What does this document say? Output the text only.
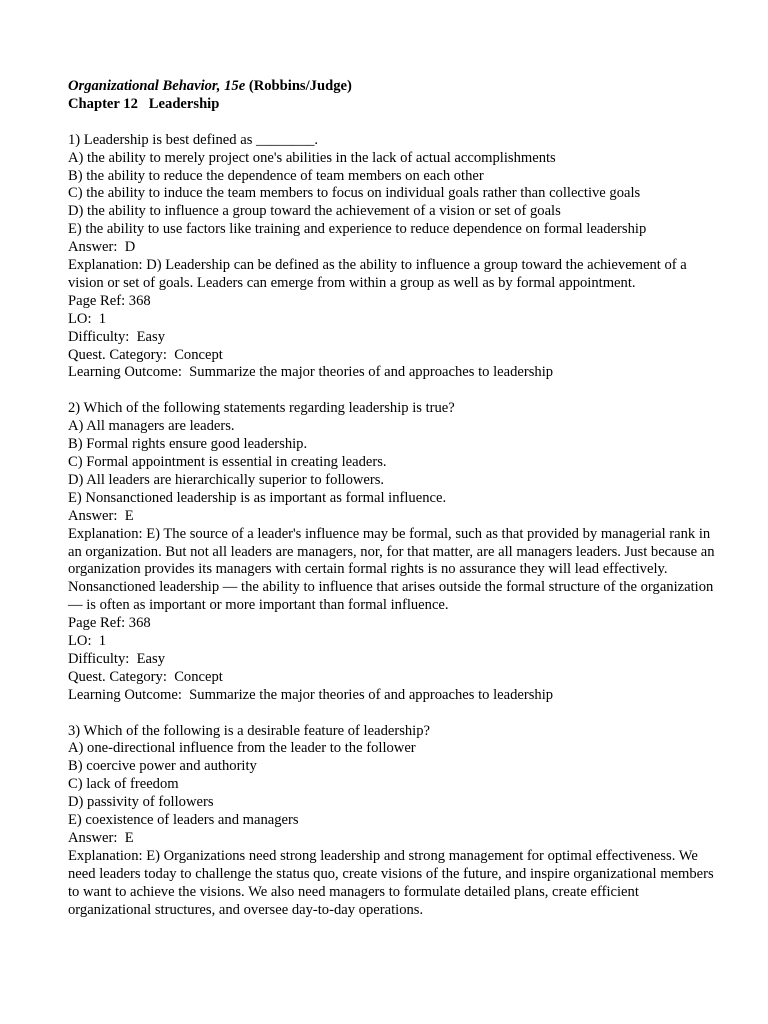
Organizational Behavior, 15e (Robbins/Judge)
Chapter 12   Leadership
1) Leadership is best defined as ________.
A) the ability to merely project one's abilities in the lack of actual accomplishments
B) the ability to reduce the dependence of team members on each other
C) the ability to induce the team members to focus on individual goals rather than collective goals
D) the ability to influence a group toward the achievement of a vision or set of goals
E) the ability to use factors like training and experience to reduce dependence on formal leadership
Answer:  D
Explanation: D) Leadership can be defined as the ability to influence a group toward the achievement of a vision or set of goals. Leaders can emerge from within a group as well as by formal appointment.
Page Ref: 368
LO:  1
Difficulty:  Easy
Quest. Category:  Concept
Learning Outcome:  Summarize the major theories of and approaches to leadership
2) Which of the following statements regarding leadership is true?
A) All managers are leaders.
B) Formal rights ensure good leadership.
C) Formal appointment is essential in creating leaders.
D) All leaders are hierarchically superior to followers.
E) Nonsanctioned leadership is as important as formal influence.
Answer:  E
Explanation: E) The source of a leader's influence may be formal, such as that provided by managerial rank in an organization. But not all leaders are managers, nor, for that matter, are all managers leaders. Just because an organization provides its managers with certain formal rights is no assurance they will lead effectively. Nonsanctioned leadership — the ability to influence that arises outside the formal structure of the organization — is often as important or more important than formal influence.
Page Ref: 368
LO:  1
Difficulty:  Easy
Quest. Category:  Concept
Learning Outcome:  Summarize the major theories of and approaches to leadership
3) Which of the following is a desirable feature of leadership?
A) one-directional influence from the leader to the follower
B) coercive power and authority
C) lack of freedom
D) passivity of followers
E) coexistence of leaders and managers
Answer:  E
Explanation: E) Organizations need strong leadership and strong management for optimal effectiveness. We need leaders today to challenge the status quo, create visions of the future, and inspire organizational members to want to achieve the visions. We also need managers to formulate detailed plans, create efficient organizational structures, and oversee day-to-day operations.
